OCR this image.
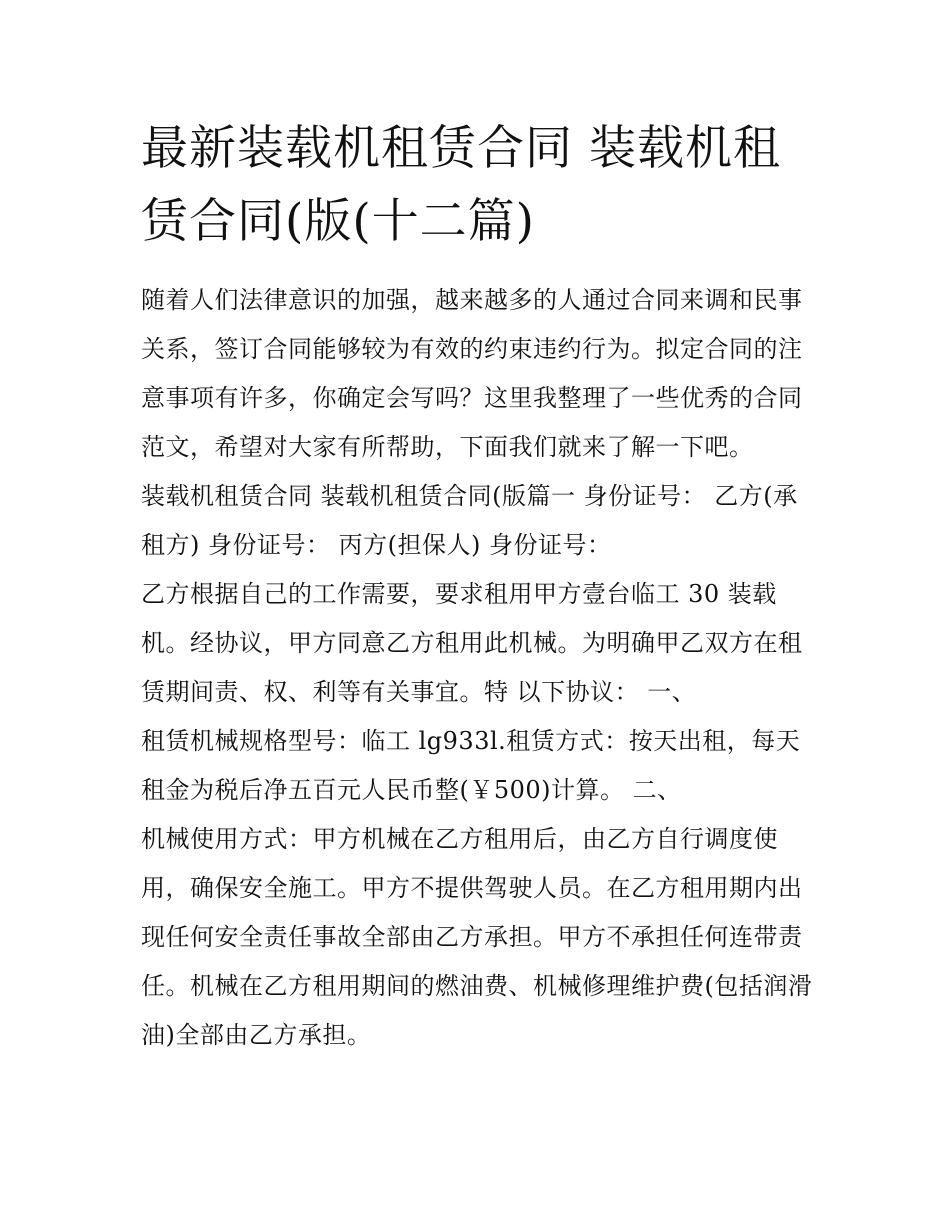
最新装载机租赁合同 装载机租赁合同(版(十二篇)

随着人们法律意识的加强，越来越多的人通过合同来调和民事关系，签订合同能够较为有效的约束违约行为。拟定合同的注意事项有许多，你确定会写吗？这里我整理了一些优秀的合同范文，希望对大家有所帮助，下面我们就来了解一下吧。

装载机租赁合同 装载机租赁合同(版篇一 身份证号： 乙方(承租方) 身份证号： 丙方(担保人) 身份证号：

乙方根据自己的工作需要，要求租用甲方壹台临工 30 装载机。经协议，甲方同意乙方租用此机械。为明确甲乙双方在租赁期间责、权、利等有关事宜。特 以下协议： 一、

租赁机械规格型号：临工 lg933l.租赁方式：按天出租，每天租金为税后净五百元人民币整(￥500)计算。 二、

机械使用方式：甲方机械在乙方租用后，由乙方自行调度使用，确保安全施工。甲方不提供驾驶人员。在乙方租用期内出现任何安全责任事故全部由乙方承担。甲方不承担任何连带责任。机械在乙方租用期间的燃油费、机械修理维护费(包括润滑油)全部由乙方承担。
